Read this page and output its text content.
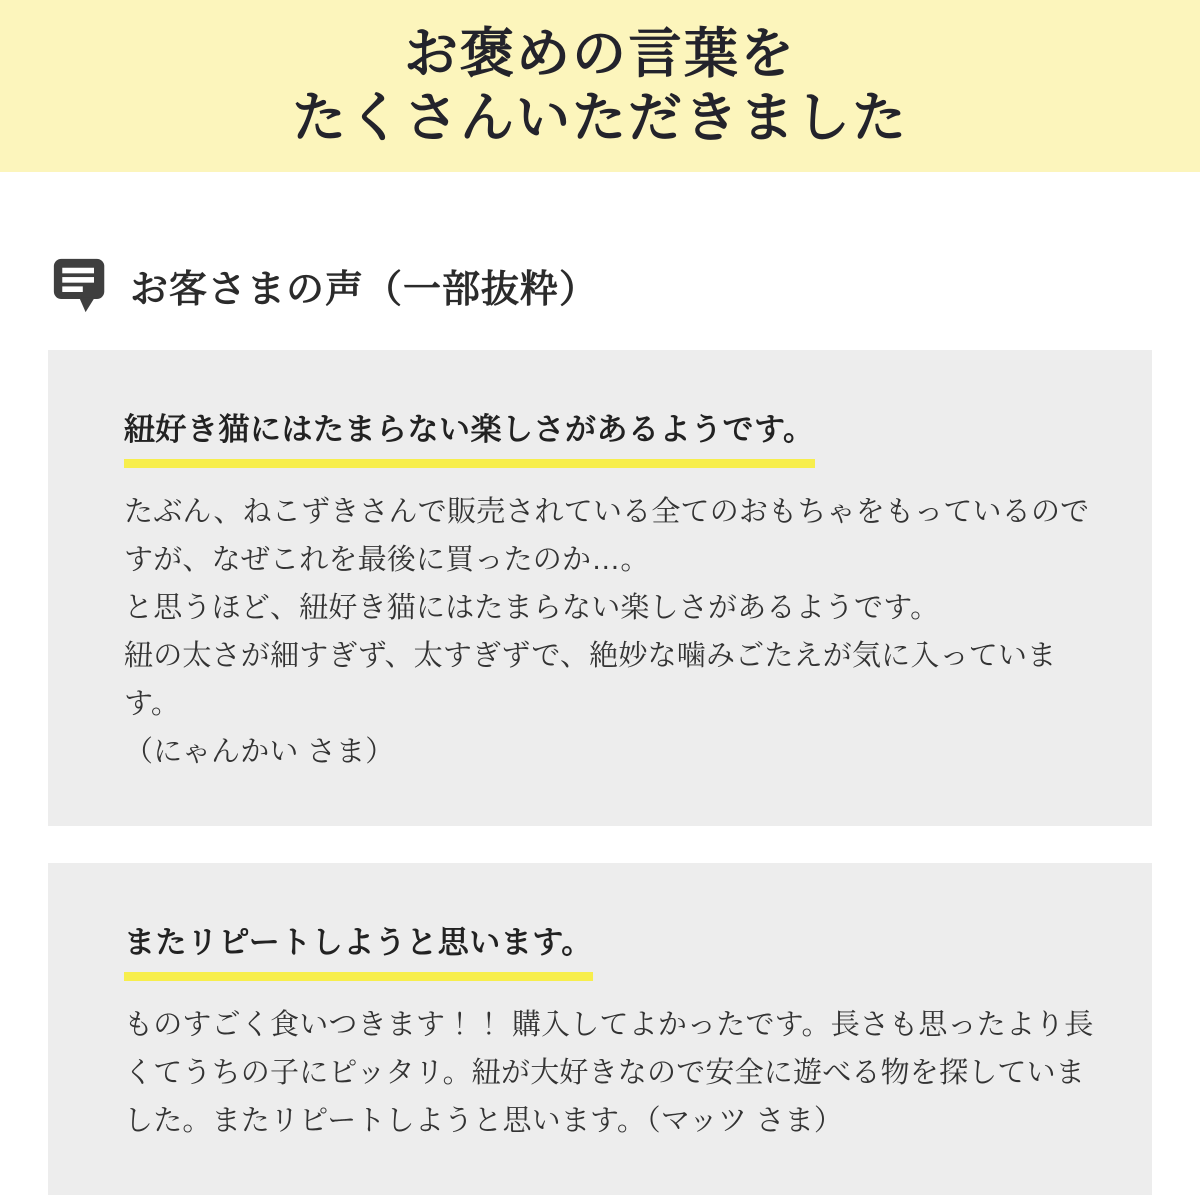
お褒めの言葉を
たくさんいただきました
お客さまの声（一部抜粋）
紐好き猫にはたまらない楽しさがあるようです。

たぶん、ねこずきさんで販売されている全てのおもちゃをもっているのですが、なぜこれを最後に買ったのか…。

と思うほど、紐好き猫にはたまらない楽しさがあるようです。

紐の太さが細すぎず、太すぎずで、絶妙な噛みごたえが気に入っています。

（にゃんかい さま）

またリピートしようと思います。

ものすごく食いつきます！！ 購入してよかったです。長さも思ったより長くてうちの子にピッタリ。紐が大好きなので安全に遊べる物を探していました。またリピートしようと思います。（マッツ さま）
